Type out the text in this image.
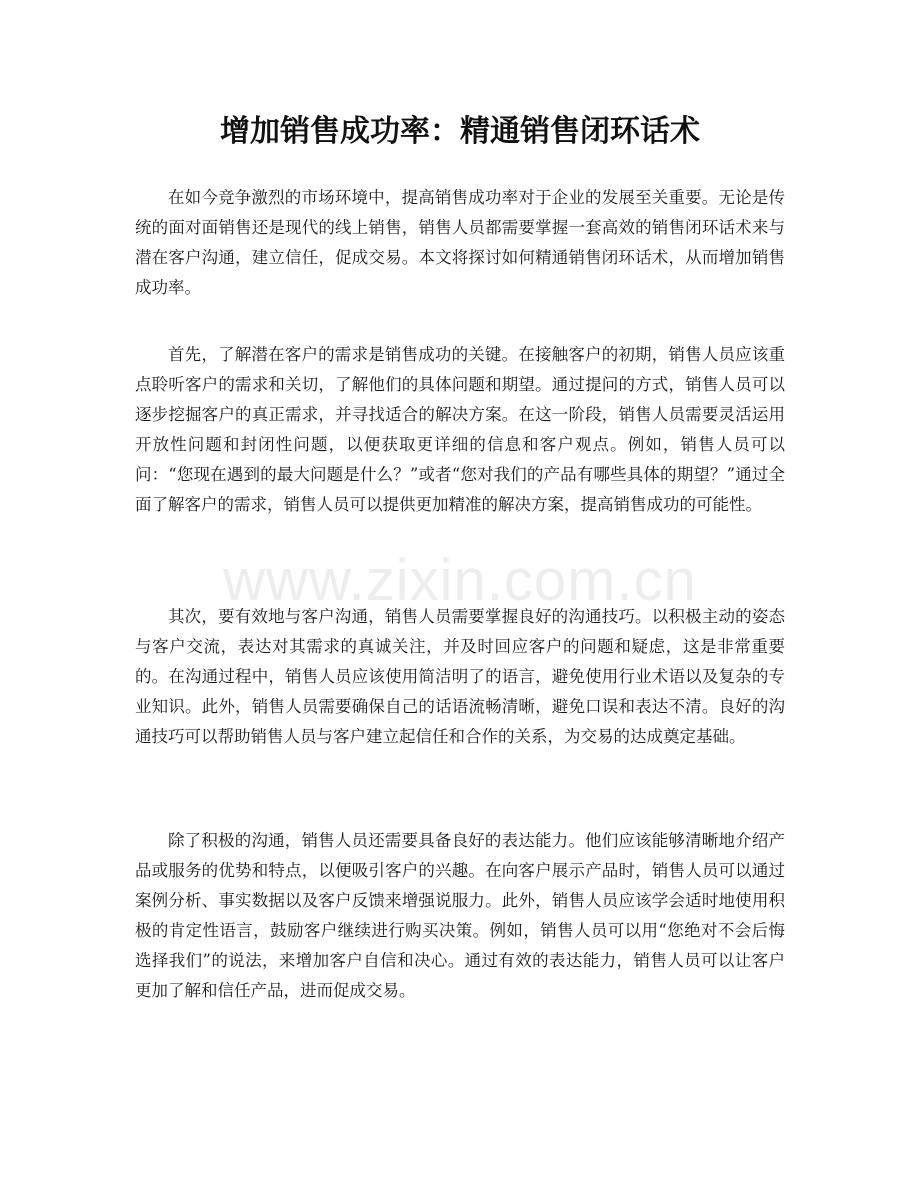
增加销售成功率：精通销售闭环话术

在如今竞争激烈的市场环境中，提高销售成功率对于企业的发展至关重要。无论是传统的面对面销售还是现代的线上销售，销售人员都需要掌握一套高效的销售闭环话术来与潜在客户沟通，建立信任，促成交易。本文将探讨如何精通销售闭环话术，从而增加销售成功率。

首先，了解潜在客户的需求是销售成功的关键。在接触客户的初期，销售人员应该重点聆听客户的需求和关切，了解他们的具体问题和期望。通过提问的方式，销售人员可以逐步挖掘客户的真正需求，并寻找适合的解决方案。在这一阶段，销售人员需要灵活运用开放性问题和封闭性问题，以便获取更详细的信息和客户观点。例如，销售人员可以问：“您现在遇到的最大问题是什么？”或者“您对我们的产品有哪些具体的期望？”通过全面了解客户的需求，销售人员可以提供更加精准的解决方案，提高销售成功的可能性。

其次，要有效地与客户沟通，销售人员需要掌握良好的沟通技巧。以积极主动的姿态与客户交流，表达对其需求的真诚关注，并及时回应客户的问题和疑虑，这是非常重要的。在沟通过程中，销售人员应该使用简洁明了的语言，避免使用行业术语以及复杂的专业知识。此外，销售人员需要确保自己的话语流畅清晰，避免口误和表达不清。良好的沟通技巧可以帮助销售人员与客户建立起信任和合作的关系，为交易的达成奠定基础。

除了积极的沟通，销售人员还需要具备良好的表达能力。他们应该能够清晰地介绍产品或服务的优势和特点，以便吸引客户的兴趣。在向客户展示产品时，销售人员可以通过案例分析、事实数据以及客户反馈来增强说服力。此外，销售人员应该学会适时地使用积极的肯定性语言，鼓励客户继续进行购买决策。例如，销售人员可以用“您绝对不会后悔选择我们”的说法，来增加客户自信和决心。通过有效的表达能力，销售人员可以让客户更加了解和信任产品，进而促成交易。

www.zixin.com.cn
